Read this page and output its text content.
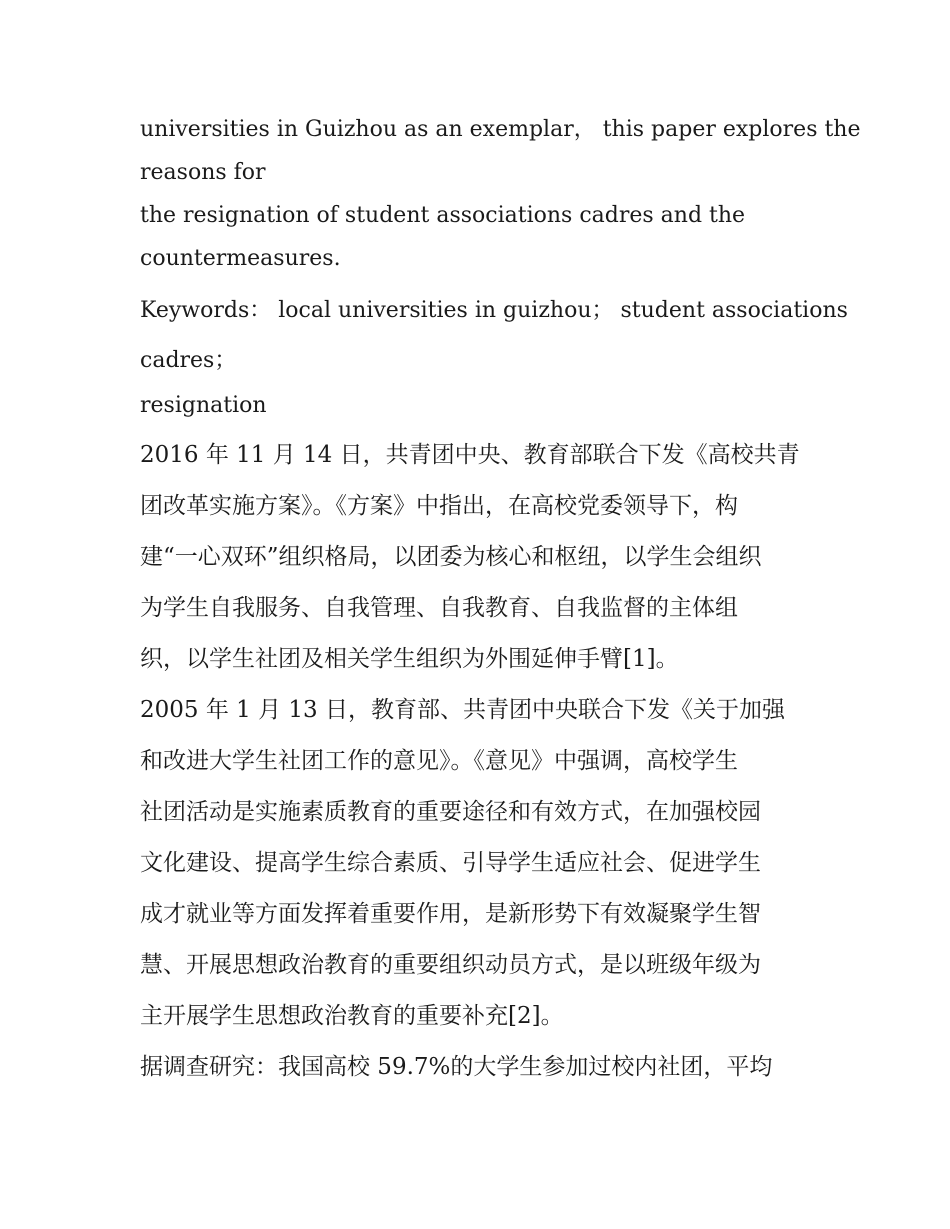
universities in Guizhou as an exemplar， this paper explores the

reasons for

the resignation of student associations cadres and the

countermeasures.

Keywords： local universities in guizhou； student associations

cadres；

resignation

2016 年 11 月 14 日，共青团中央、教育部联合下发《高校共青

团改革实施方案》。《方案》中指出，在高校党委领导下，构

建“一心双环”组织格局，以团委为核心和枢纽，以学生会组织

为学生自我服务、自我管理、自我教育、自我监督的主体组

织，以学生社团及相关学生组织为外围延伸手臂[1]。

2005 年 1 月 13 日，教育部、共青团中央联合下发《关于加强

和改进大学生社团工作的意见》。《意见》中强调，高校学生

社团活动是实施素质教育的重要途径和有效方式，在加强校园

文化建设、提高学生综合素质、引导学生适应社会、促进学生

成才就业等方面发挥着重要作用，是新形势下有效凝聚学生智

慧、开展思想政治教育的重要组织动员方式，是以班级年级为

主开展学生思想政治教育的重要补充[2]。

据调查研究：我国高校 59.7%的大学生参加过校内社团，平均
